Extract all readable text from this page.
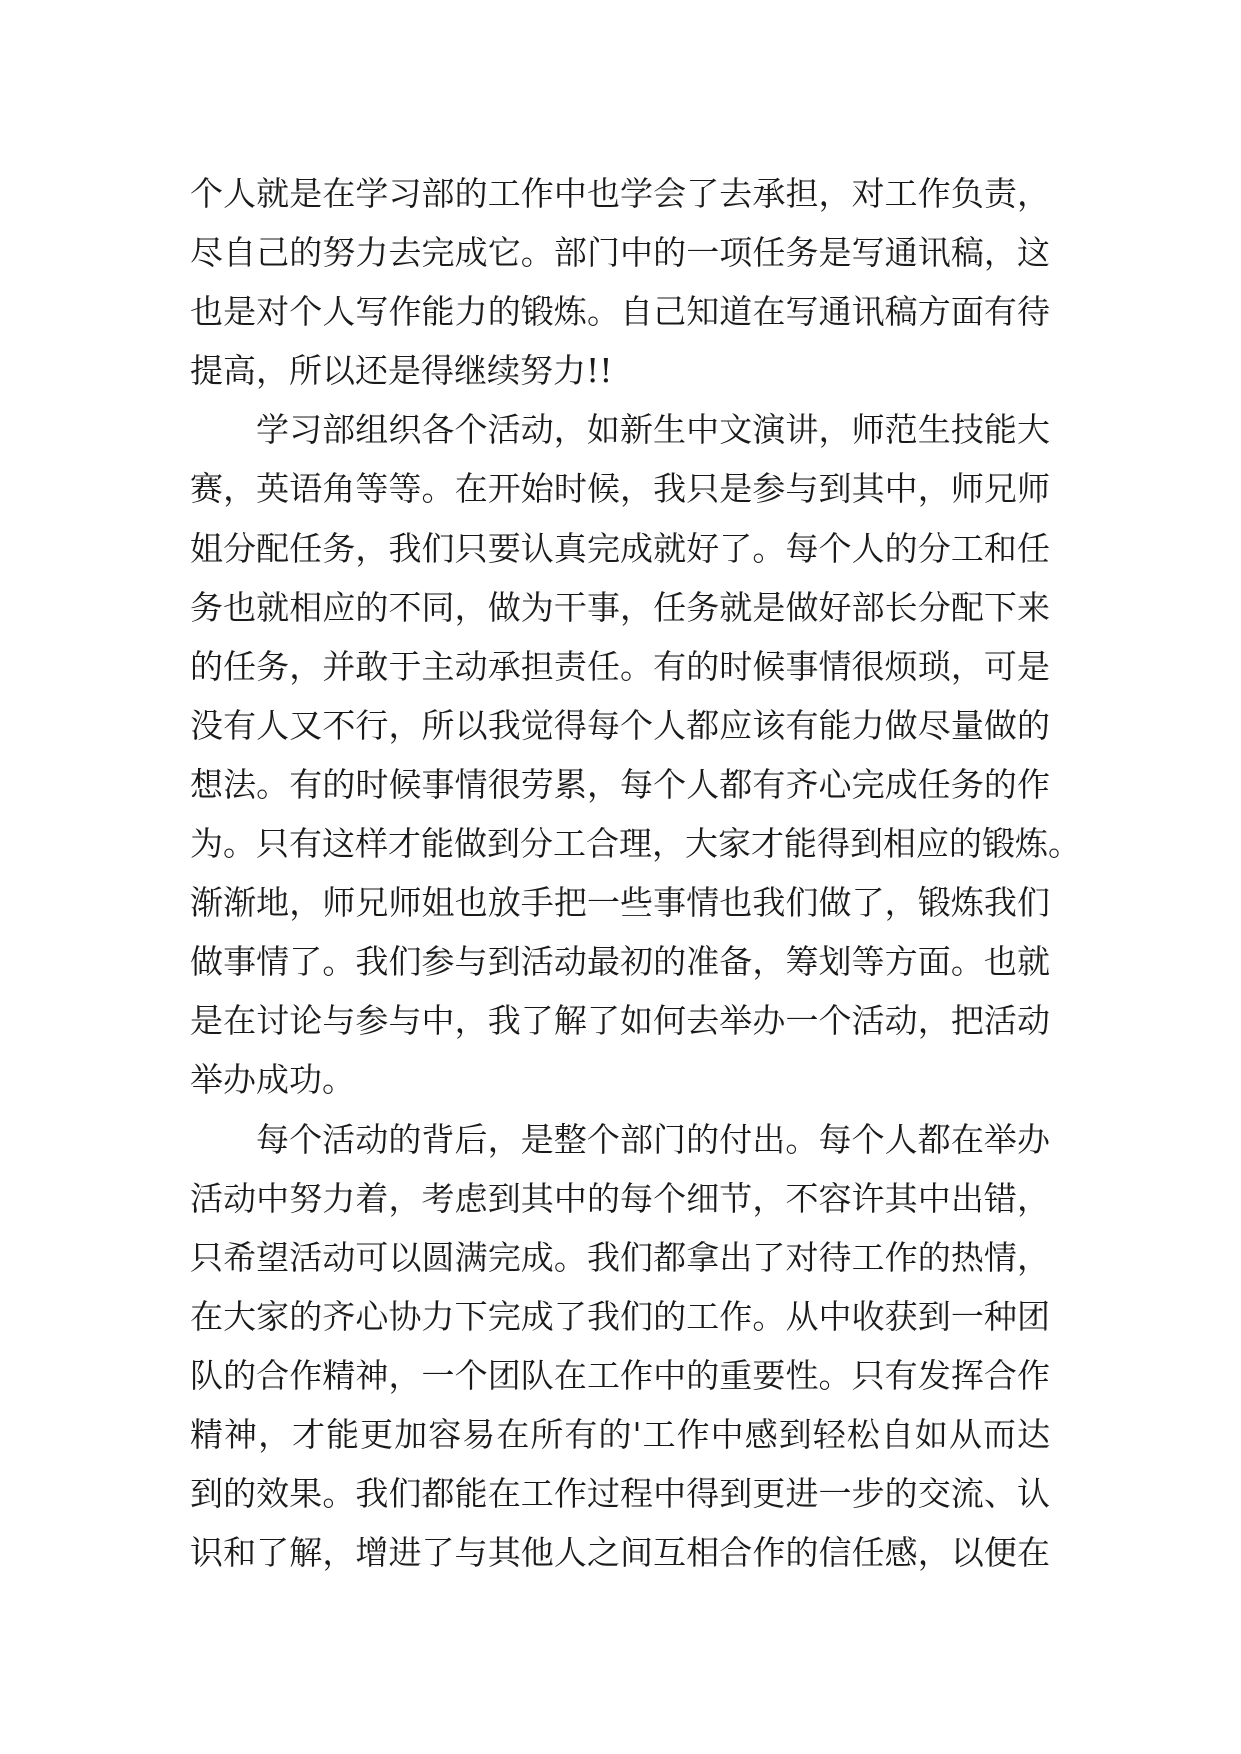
个人就是在学习部的工作中也学会了去承担，对工作负责，
尽自己的努力去完成它。部门中的一项任务是写通讯稿，这
也是对个人写作能力的锻炼。自己知道在写通讯稿方面有待
提高，所以还是得继续努力!!
学习部组织各个活动，如新生中文演讲，师范生技能大
赛，英语角等等。在开始时候，我只是参与到其中，师兄师
姐分配任务，我们只要认真完成就好了。每个人的分工和任
务也就相应的不同，做为干事，任务就是做好部长分配下来
的任务，并敢于主动承担责任。有的时候事情很烦琐，可是
没有人又不行，所以我觉得每个人都应该有能力做尽量做的
想法。有的时候事情很劳累，每个人都有齐心完成任务的作
为。只有这样才能做到分工合理，大家才能得到相应的锻炼。
渐渐地，师兄师姐也放手把一些事情也我们做了，锻炼我们
做事情了。我们参与到活动最初的准备，筹划等方面。也就
是在讨论与参与中，我了解了如何去举办一个活动，把活动
举办成功。
每个活动的背后，是整个部门的付出。每个人都在举办
活动中努力着，考虑到其中的每个细节，不容许其中出错，
只希望活动可以圆满完成。我们都拿出了对待工作的热情，
在大家的齐心协力下完成了我们的工作。从中收获到一种团
队的合作精神，一个团队在工作中的重要性。只有发挥合作
精神，才能更加容易在所有的'工作中感到轻松自如从而达
到的效果。我们都能在工作过程中得到更进一步的交流、认
识和了解，增进了与其他人之间互相合作的信任感，以便在
